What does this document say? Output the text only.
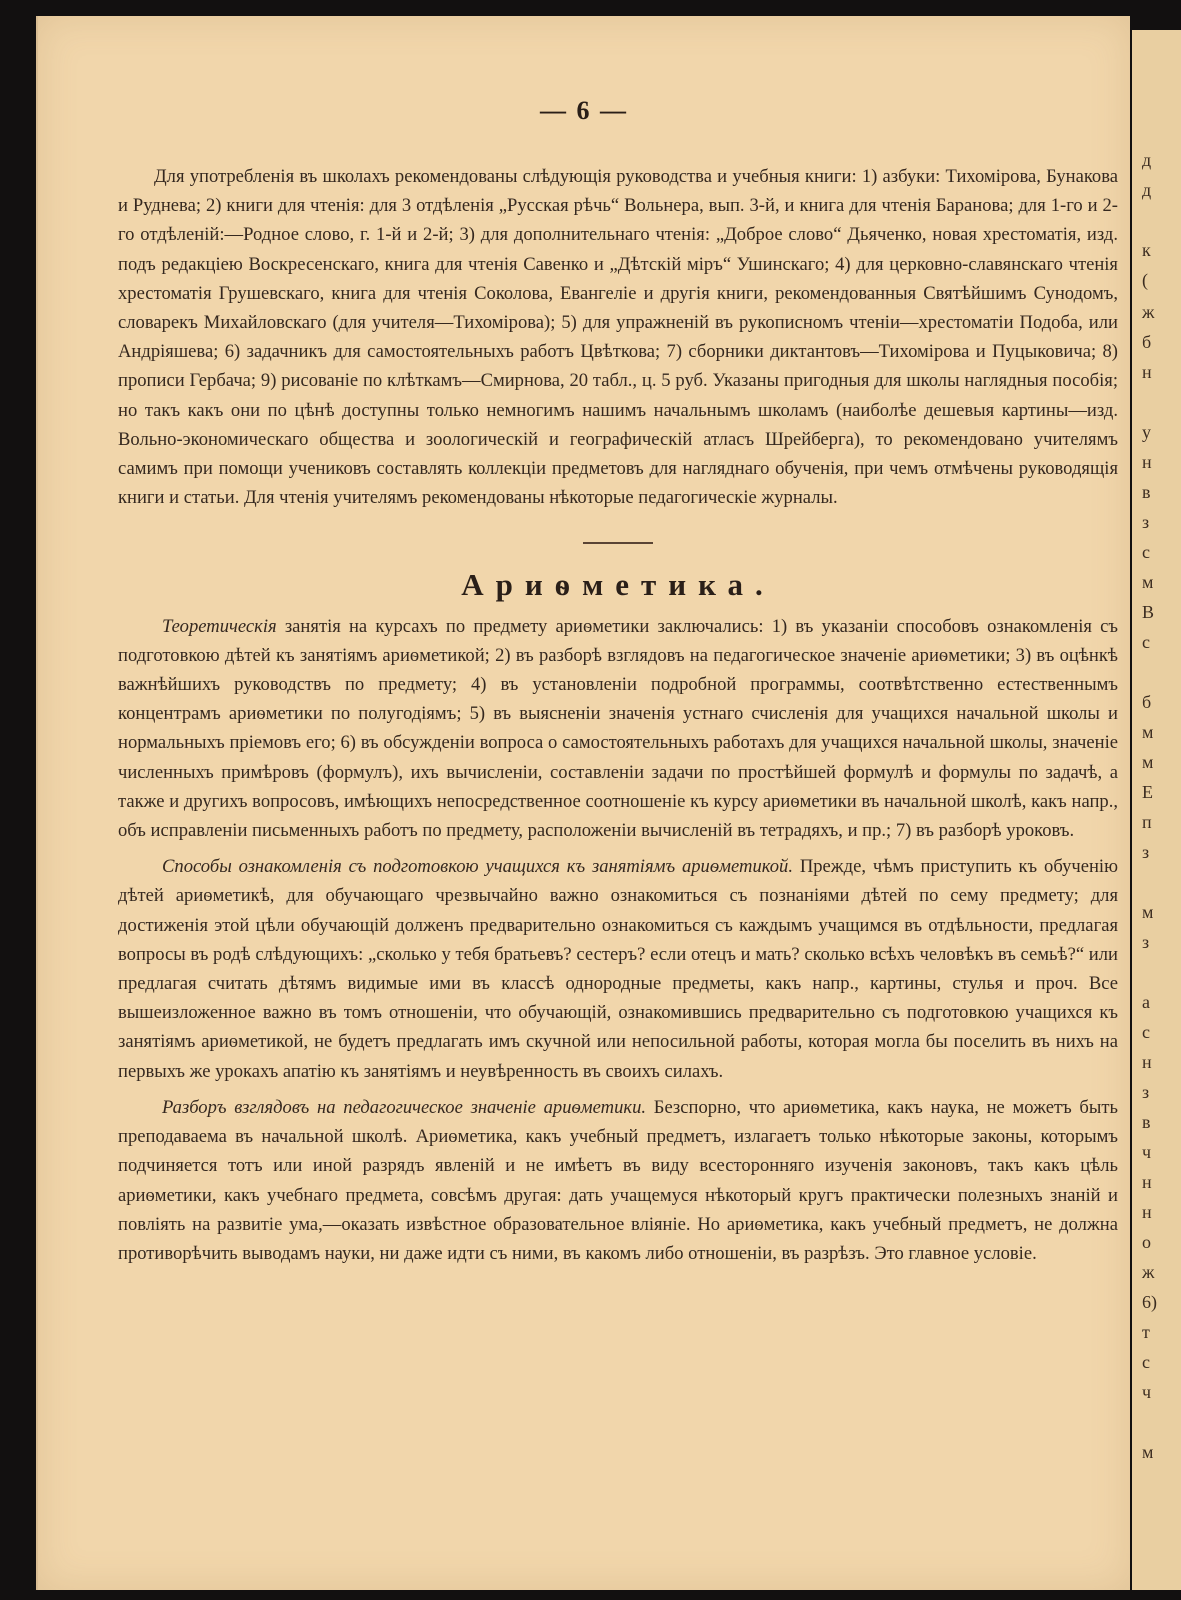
— 6 —

Для употребленія въ школахъ рекомендованы слѣдующія руководства и учебныя книги: 1) азбуки: Тихомірова, Бунакова и Руднева; 2) книги для чтенія: для 3 отдѣленія „Русская рѣчь“ Вольнера, вып. 3-й, и книга для чтенія Баранова; для 1-го и 2-го отдѣленій:—Родное слово, г. 1-й и 2-й; 3) для дополнительнаго чтенія: „Доброе слово“ Дьяченко, новая хрестоматія, изд. подъ редакціею Воскресенскаго, книга для чтенія Савенко и „Дѣтскій міръ“ Ушинскаго; 4) для церковно-славянскаго чтенія хрестоматія Грушевскаго, книга для чтенія Соколова, Евангеліе и другія книги, рекомендованныя Святѣйшимъ Сунодомъ, словарекъ Михайловскаго (для учителя—Тихомірова); 5) для упражненій въ рукописномъ чтеніи—хрестоматіи Подоба, или Андріяшева; 6) задачникъ для самостоятельныхъ работъ Цвѣткова; 7) сборники диктантовъ—Тихомірова и Пуцыковича; 8) прописи Гербача; 9) рисованіе по клѣткамъ—Смирнова, 20 табл., ц. 5 руб. Указаны пригодныя для школы наглядныя пособія; но такъ какъ они по цѣнѣ доступны только немногимъ нашимъ начальнымъ школамъ (наиболѣе дешевыя картины—изд. Вольно-экономическаго общества и зоологическій и географическій атласъ Шрейберга), то рекомендовано учителямъ самимъ при помощи учениковъ составлять коллекціи предметовъ для нагляднаго обученія, при чемъ отмѣчены руководящія книги и статьи. Для чтенія учителямъ рекомендованы нѣкоторые педагогическіе журналы.

Ариѳметика.

Теоретическія занятія на курсахъ по предмету ариѳметики заключались: 1) въ указаніи способовъ ознакомленія съ подготовкою дѣтей къ занятіямъ ариѳметикой; 2) въ разборѣ взглядовъ на педагогическое значеніе ариѳметики; 3) въ оцѣнкѣ важнѣйшихъ руководствъ по предмету; 4) въ установленіи подробной программы, соотвѣтственно естественнымъ концентрамъ ариѳметики по полугодіямъ; 5) въ выясненіи значенія устнаго счисленія для учащихся начальной школы и нормальныхъ пріемовъ его; 6) въ обсужденіи вопроса о самостоятельныхъ работахъ для учащихся начальной школы, значеніе численныхъ примѣровъ (формулъ), ихъ вычисленіи, составленіи задачи по простѣйшей формулѣ и формулы по задачѣ, а также и другихъ вопросовъ, имѣющихъ непосредственное соотношеніе къ курсу ариѳметики въ начальной школѣ, какъ напр., объ исправленіи письменныхъ работъ по предмету, расположеніи вычисленій въ тетрадяхъ, и пр.; 7) въ разборѣ уроковъ.

Способы ознакомленія съ подготовкою учащихся къ занятіямъ ариѳметикой. Прежде, чѣмъ приступить къ обученію дѣтей ариѳметикѣ, для обучающаго чрезвычайно важно ознакомиться съ познаніями дѣтей по сему предмету; для достиженія этой цѣли обучающій долженъ предварительно ознакомиться съ каждымъ учащимся въ отдѣльности, предлагая вопросы въ родѣ слѣдующихъ: „сколько у тебя братьевъ? сестеръ? если отецъ и мать? сколько всѣхъ человѣкъ въ семьѣ?“ или предлагая считать дѣтямъ видимые ими въ классѣ однородные предметы, какъ напр., картины, стулья и проч. Все вышеизложенное важно въ томъ отношеніи, что обучающій, ознакомившись предварительно съ подготовкою учащихся къ занятіямъ ариѳметикой, не будетъ предлагать имъ скучной или непосильной работы, которая могла бы поселить въ нихъ на первыхъ же урокахъ апатію къ занятіямъ и неувѣренность въ своихъ силахъ.

Разборъ взглядовъ на педагогическое значеніе ариѳметики. Безспорно, что ариѳметика, какъ наука, не можетъ быть преподаваема въ начальной школѣ. Ариѳметика, какъ учебный предметъ, излагаетъ только нѣкоторые законы, которымъ подчиняется тотъ или иной разрядъ явленій и не имѣетъ въ виду всесторонняго изученія законовъ, такъ какъ цѣль ариѳметики, какъ учебнаго предмета, совсѣмъ другая: дать учащемуся нѣкоторый кругъ практически полезныхъ знаній и повліять на развитіе ума,—оказать извѣстное образовательное вліяніе. Но ариѳметика, какъ учебный предметъ, не должна противорѣчить выводамъ науки, ни даже идти съ ними, въ какомъ либо отношеніи, въ разрѣзъ. Это главное условіе.

д
д
к
(
ж
б
н
у
н
в
з
с
м
В
с
б
м
м
Е
п
з
м
з
а
с
н
з
в
ч
н
н
о
ж
6)
т
с
ч
м
